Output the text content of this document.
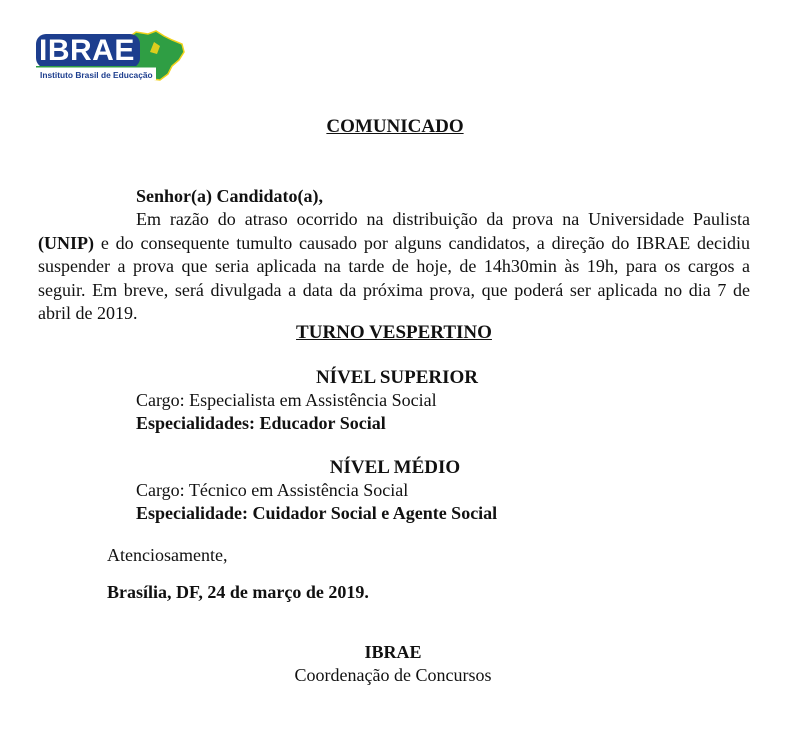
IBRAE
Instituto Brasil de Educação
COMUNICADO
Senhor(a) Candidato(a),

Em razão do atraso ocorrido na distribuição da prova na Universidade Paulista (UNIP) e do consequente tumulto causado por alguns candidatos, a direção do IBRAE decidiu suspender a prova que seria aplicada na tarde de hoje, de 14h30min às 19h, para os cargos a seguir. Em breve, será divulgada a data da próxima prova, que poderá ser aplicada no dia 7 de abril de 2019.

TURNO VESPERTINO
NÍVEL SUPERIOR
Cargo: Especialista em Assistência Social
Especialidades: Educador Social
NÍVEL MÉDIO
Cargo: Técnico em Assistência Social
Especialidade: Cuidador Social e Agente Social
Atenciosamente,
Brasília, DF, 24 de março de 2019.
IBRAE
Coordenação de Concursos
